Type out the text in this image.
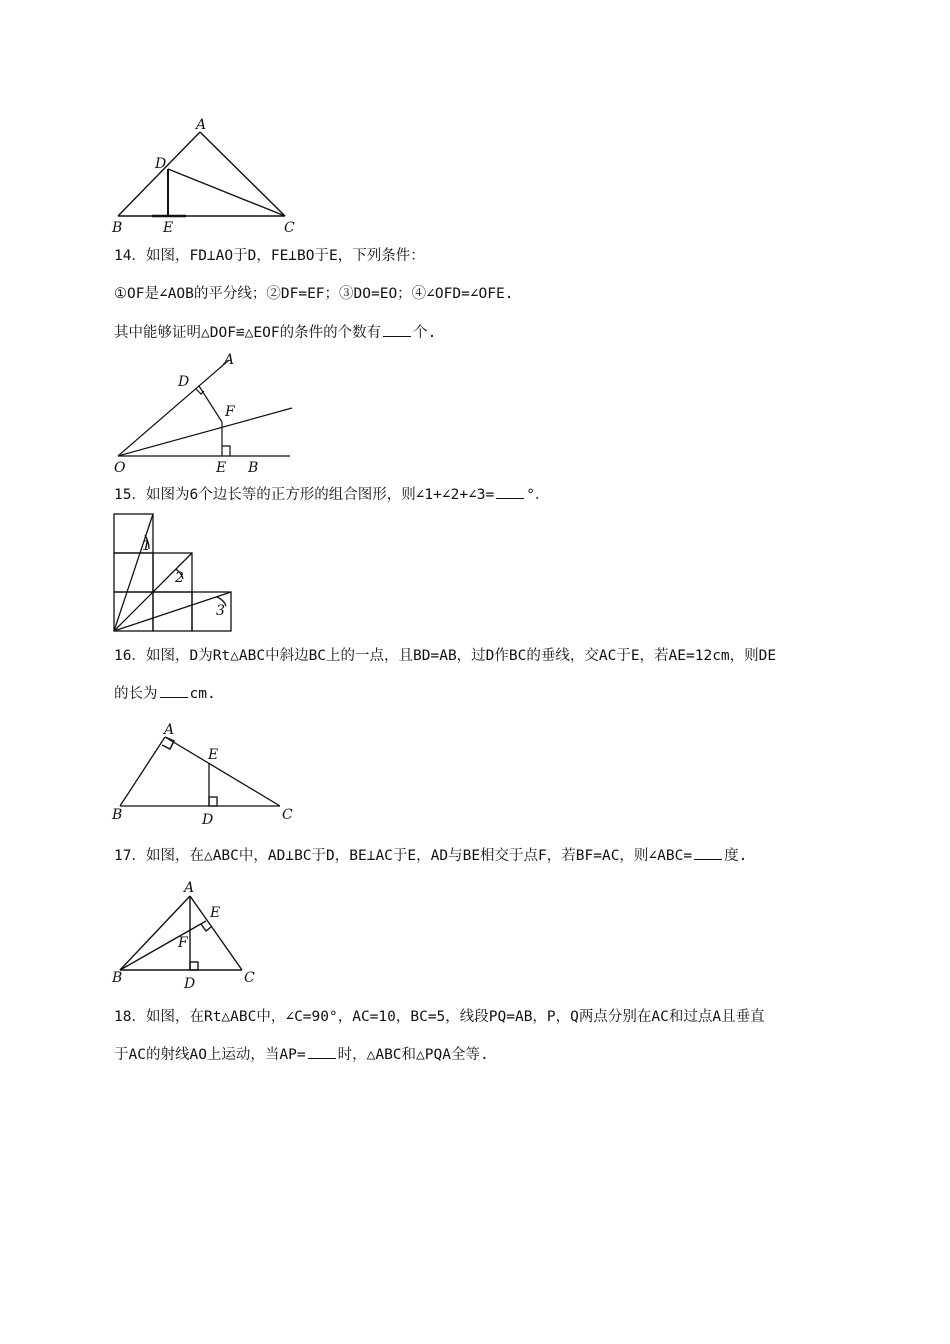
A
D
B	E	C
14．如图，FD⊥AO于D，FE⊥BO于E，下列条件：
①OF是∠AOB的平分线；②DF=EF；③DO=EO；④∠OFD=∠OFE.
其中能够证明△DOF≌△EOF的条件的个数有 个.
A
D
F
O	E B
15．如图为6个边长等的正方形的组合图形，则∠1+∠2+∠3= °．
1
2
3
16．如图，D为Rt△ABC中斜边BC上的一点，且BD=AB，过D作BC的垂线，交AC于E，若AE=12cm，则DE
的长为 cm.
A
E
B	D	C
17．如图，在△ABC中，AD⊥BC于D，BE⊥AC于E，AD与BE相交于点F，若BF=AC，则∠ABC= 度.
A
E
F
B	D	C
18．如图，在Rt△ABC中，∠C=90°，AC=10，BC=5，线段PQ=AB，P，Q两点分别在AC和过点A且垂直
于AC的射线AO上运动，当AP= 时，△ABC和△PQA全等.
